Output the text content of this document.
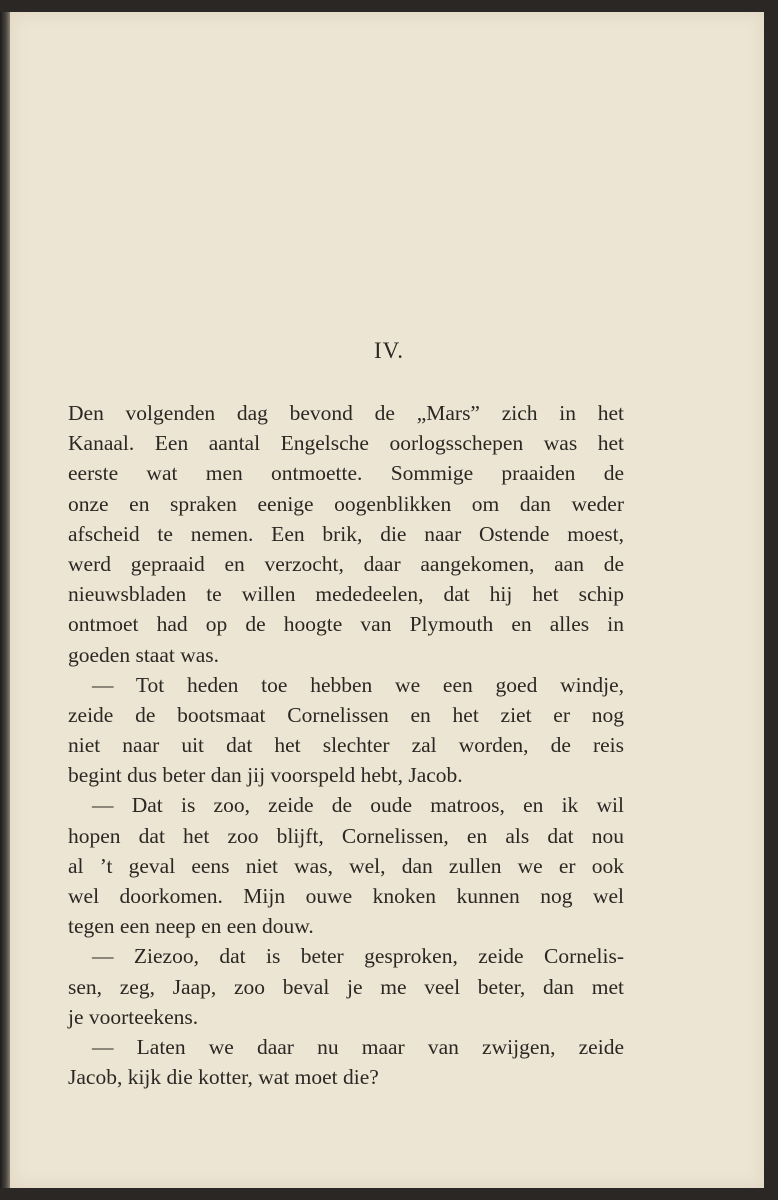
IV.

Den volgenden dag bevond de „Mars” zich in het
Kanaal. Een aantal Engelsche oorlogsschepen was het
eerste wat men ontmoette. Sommige praaiden de
onze en spraken eenige oogenblikken om dan weder
afscheid te nemen. Een brik, die naar Ostende moest,
werd gepraaid en verzocht, daar aangekomen, aan de
nieuwsbladen te willen mededeelen, dat hij het schip
ontmoet had op de hoogte van Plymouth en alles in
goeden staat was.

— Tot heden toe hebben we een goed windje,
zeide de bootsmaat Cornelissen en het ziet er nog
niet naar uit dat het slechter zal worden, de reis
begint dus beter dan jij voorspeld hebt, Jacob.

— Dat is zoo, zeide de oude matroos, en ik wil
hopen dat het zoo blijft, Cornelissen, en als dat nou
al ’t geval eens niet was, wel, dan zullen we er ook
wel doorkomen. Mijn ouwe knoken kunnen nog wel
tegen een neep en een douw.

— Ziezoo, dat is beter gesproken, zeide Cornelis-
sen, zeg, Jaap, zoo beval je me veel beter, dan met
je voorteekens.

— Laten we daar nu maar van zwijgen, zeide
Jacob, kijk die kotter, wat moet die?
